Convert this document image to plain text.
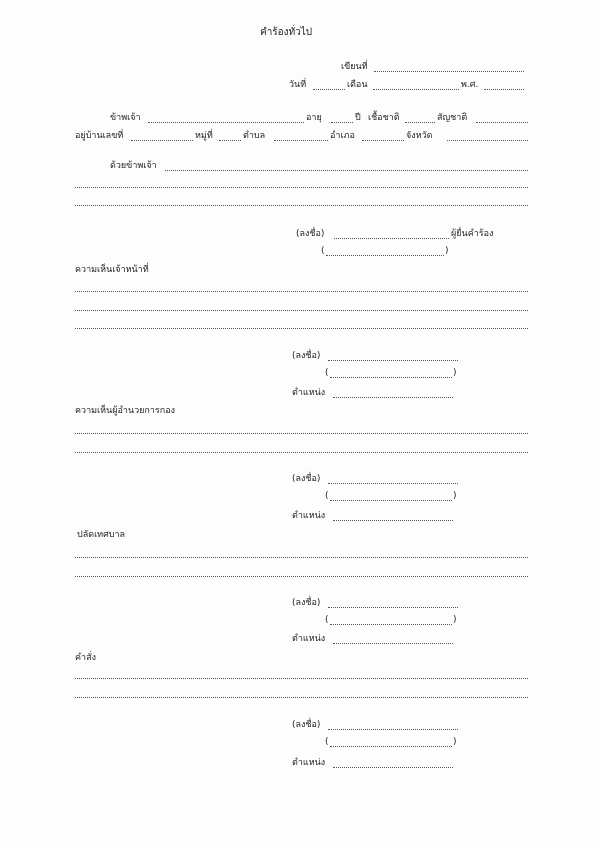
คำร้องทั่วไป
เขียนที่
วันที่	เดือน	พ.ศ.
ข้าพเจ้า	อายุ	ปี เชื้อชาติ	สัญชาติ
อยู่บ้านเลขที่	หมู่ที่	ตำบล	อำเภอ	จังหวัด
ด้วยข้าพเจ้า
(ลงชื่อ)	ผู้ยื่นคำร้อง
(	)
ความเห็นเจ้าหน้าที่
(ลงชื่อ)
(	)
ตำแหน่ง
ความเห็นผู้อำนวยการกอง
(ลงชื่อ)
(	)
ตำแหน่ง
ปลัดเทศบาล
(ลงชื่อ)
(	)
ตำแหน่ง
คำสั่ง
(ลงชื่อ)
(	)
ตำแหน่ง
